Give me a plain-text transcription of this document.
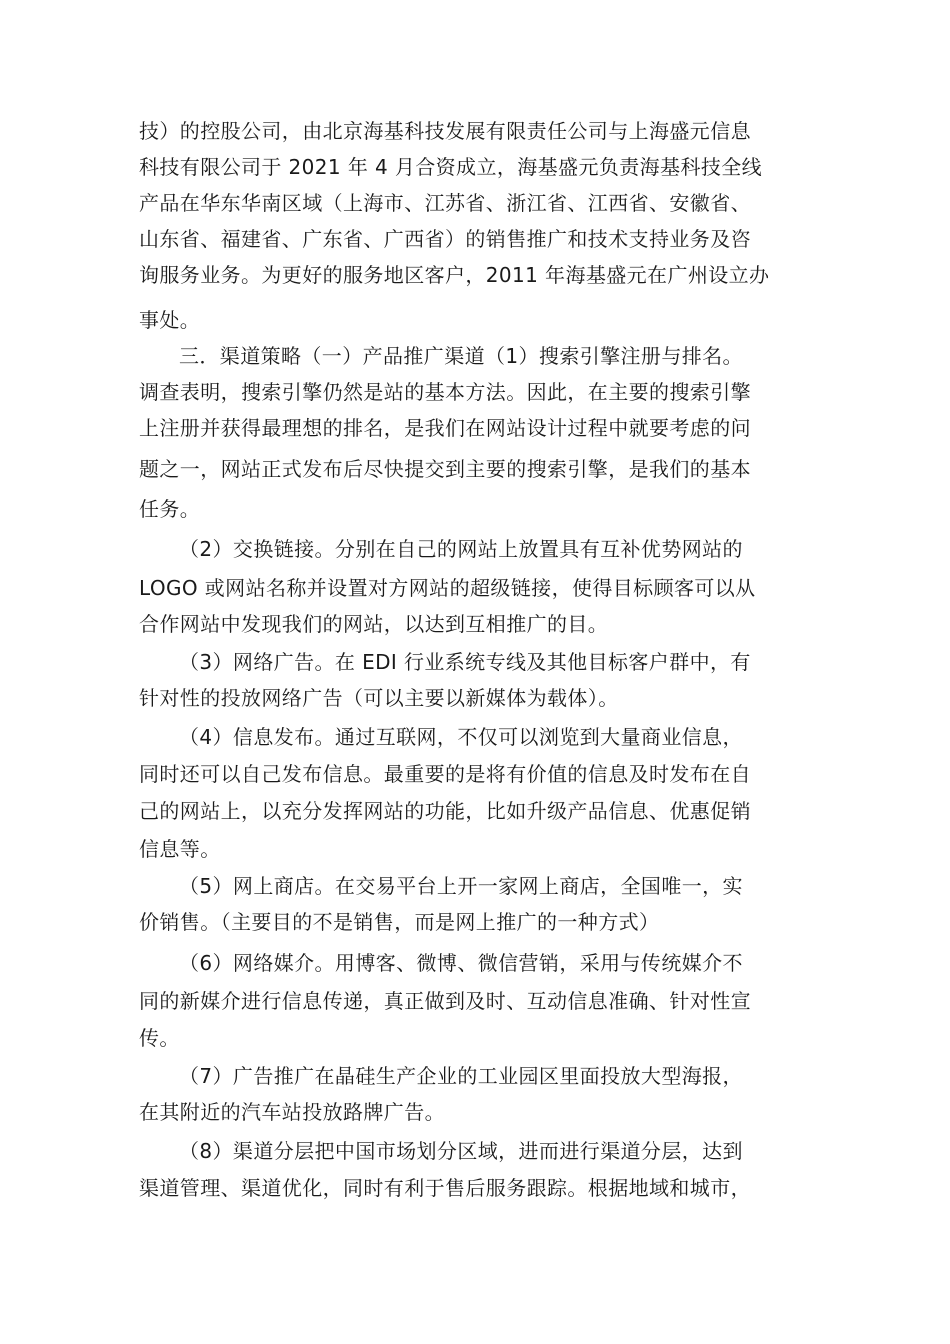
技）的控股公司，由北京海基科技发展有限责任公司与上海盛元信息
科技有限公司于 2021 年 4 月合资成立，海基盛元负责海基科技全线
产品在华东华南区域（上海市、江苏省、浙江省、江西省、安徽省、
山东省、福建省、广东省、广西省）的销售推广和技术支持业务及咨
询服务业务。为更好的服务地区客户，2011 年海基盛元在广州设立办
事处。
三．渠道策略（一）产品推广渠道（1）搜索引擎注册与排名。
调查表明，搜索引擎仍然是站的基本方法。因此，在主要的搜索引擎
上注册并获得最理想的排名，是我们在网站设计过程中就要考虑的问
题之一，网站正式发布后尽快提交到主要的搜索引擎，是我们的基本
任务。
（2）交换链接。分别在自己的网站上放置具有互补优势网站的
LOGO 或网站名称并设置对方网站的超级链接，使得目标顾客可以从
合作网站中发现我们的网站，以达到互相推广的目。
（3）网络广告。在 EDI 行业系统专线及其他目标客户群中，有
针对性的投放网络广告（可以主要以新媒体为载体）。
（4）信息发布。通过互联网，不仅可以浏览到大量商业信息，
同时还可以自己发布信息。最重要的是将有价值的信息及时发布在自
己的网站上，以充分发挥网站的功能，比如升级产品信息、优惠促销
信息等。
（5）网上商店。在交易平台上开一家网上商店，全国唯一，实
价销售。（主要目的不是销售，而是网上推广的一种方式）
（6）网络媒介。用博客、微博、微信营销，采用与传统媒介不
同的新媒介进行信息传递，真正做到及时、互动信息准确、针对性宣
传。
（7）广告推广在晶硅生产企业的工业园区里面投放大型海报，
在其附近的汽车站投放路牌广告。
（8）渠道分层把中国市场划分区域，进而进行渠道分层，达到
渠道管理、渠道优化，同时有利于售后服务跟踪。根据地域和城市，
